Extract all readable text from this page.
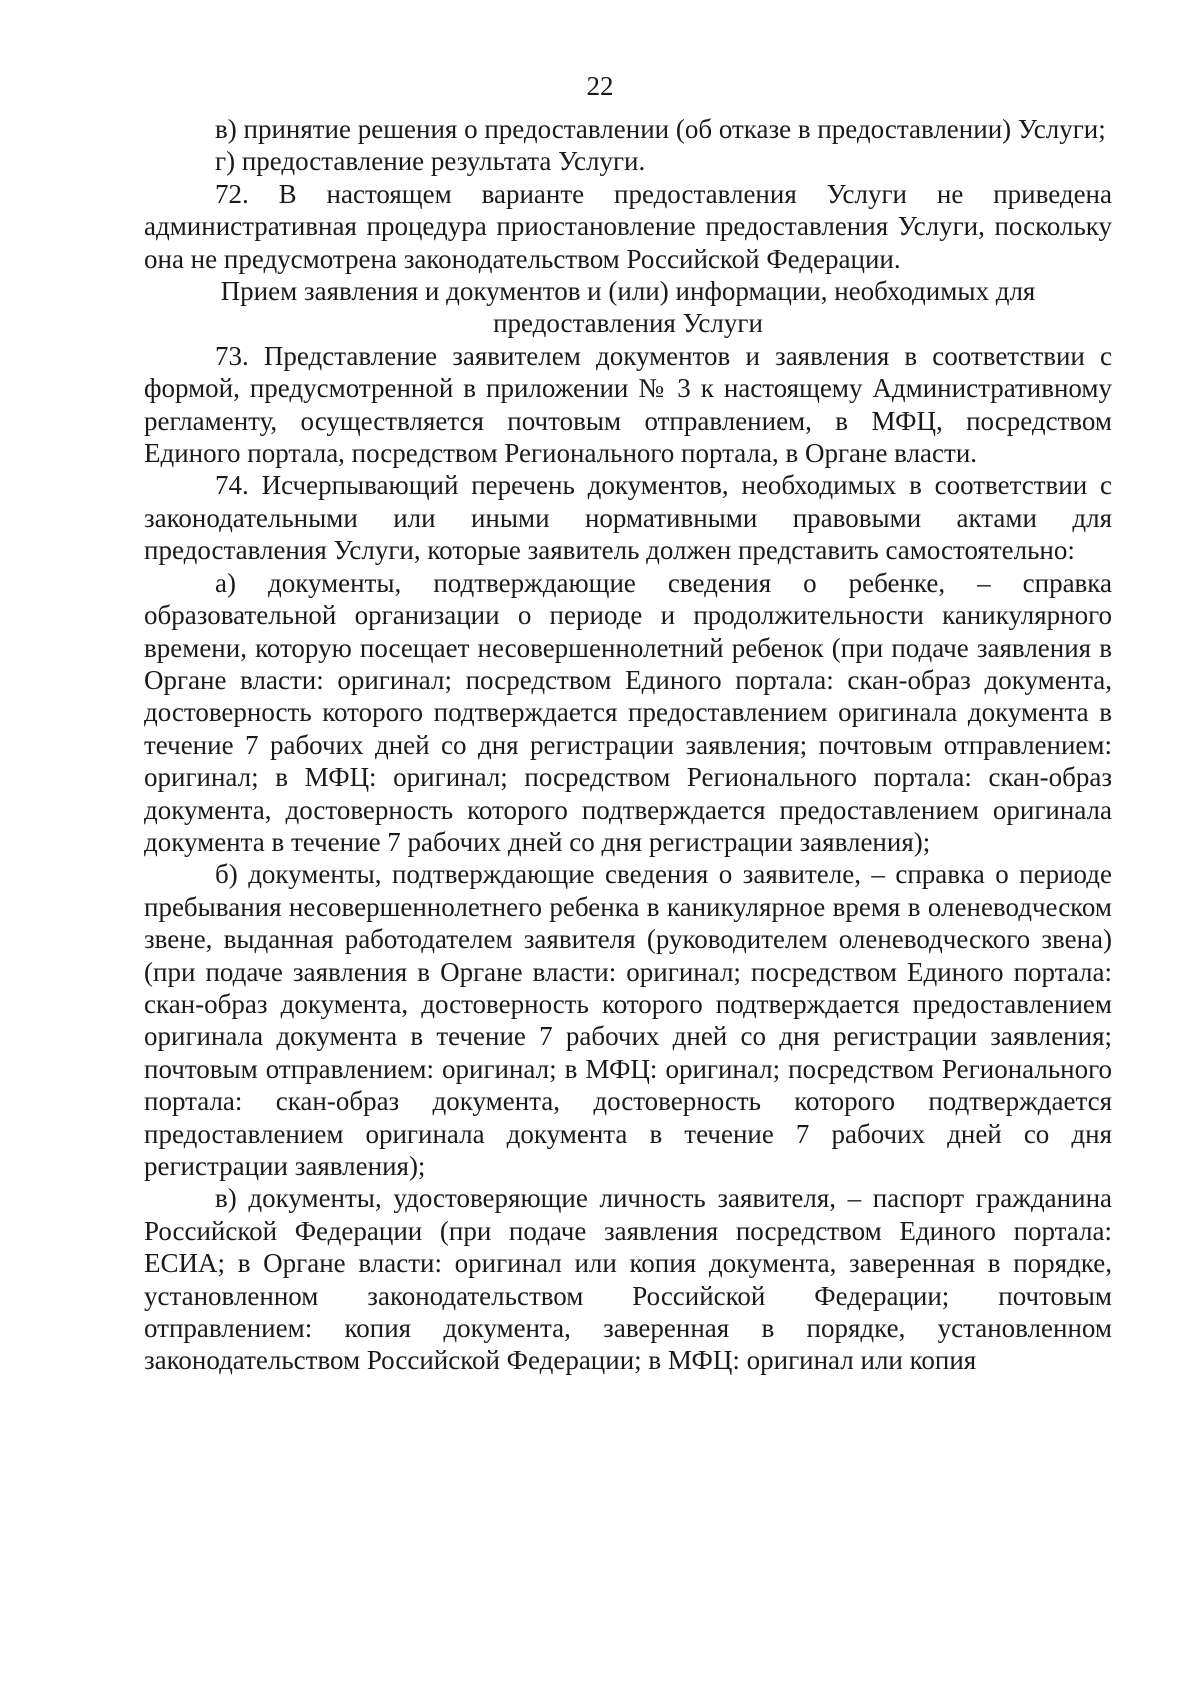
22

в) принятие решения о предоставлении (об отказе в предоставлении) Услуги;

г) предоставление результата Услуги.

72. В настоящем варианте предоставления Услуги не приведена административная процедура приостановление предоставления Услуги, поскольку она не предусмотрена законодательством Российской Федерации.

Прием заявления и документов и (или) информации, необходимых для предоставления Услуги

73. Представление заявителем документов и заявления в соответствии с формой, предусмотренной в приложении № 3 к настоящему Административному регламенту, осуществляется почтовым отправлением, в МФЦ, посредством Единого портала, посредством Регионального портала, в Органе власти.

74. Исчерпывающий перечень документов, необходимых в соответствии с законодательными или иными нормативными правовыми актами для предоставления Услуги, которые заявитель должен представить самостоятельно:

а) документы, подтверждающие сведения о ребенке, – справка образовательной организации о периоде и продолжительности каникулярного времени, которую посещает несовершеннолетний ребенок (при подаче заявления в Органе власти: оригинал; посредством Единого портала: скан-образ документа, достоверность которого подтверждается предоставлением оригинала документа в течение 7 рабочих дней со дня регистрации заявления; почтовым отправлением: оригинал; в МФЦ: оригинал; посредством Регионального портала: скан-образ документа, достоверность которого подтверждается предоставлением оригинала документа в течение 7 рабочих дней со дня регистрации заявления);

б) документы, подтверждающие сведения о заявителе, – справка о периоде пребывания несовершеннолетнего ребенка в каникулярное время в оленеводческом звене, выданная работодателем заявителя (руководителем оленеводческого звена) (при подаче заявления в Органе власти: оригинал; посредством Единого портала: скан-образ документа, достоверность которого подтверждается предоставлением оригинала документа в течение 7 рабочих дней со дня регистрации заявления; почтовым отправлением: оригинал; в МФЦ: оригинал; посредством Регионального портала: скан-образ документа, достоверность которого подтверждается предоставлением оригинала документа в течение 7 рабочих дней со дня регистрации заявления);

в) документы, удостоверяющие личность заявителя, – паспорт гражданина Российской Федерации (при подаче заявления посредством Единого портала: ЕСИА; в Органе власти: оригинал или копия документа, заверенная в порядке, установленном законодательством Российской Федерации; почтовым отправлением: копия документа, заверенная в порядке, установленном законодательством Российской Федерации; в МФЦ: оригинал или копия
